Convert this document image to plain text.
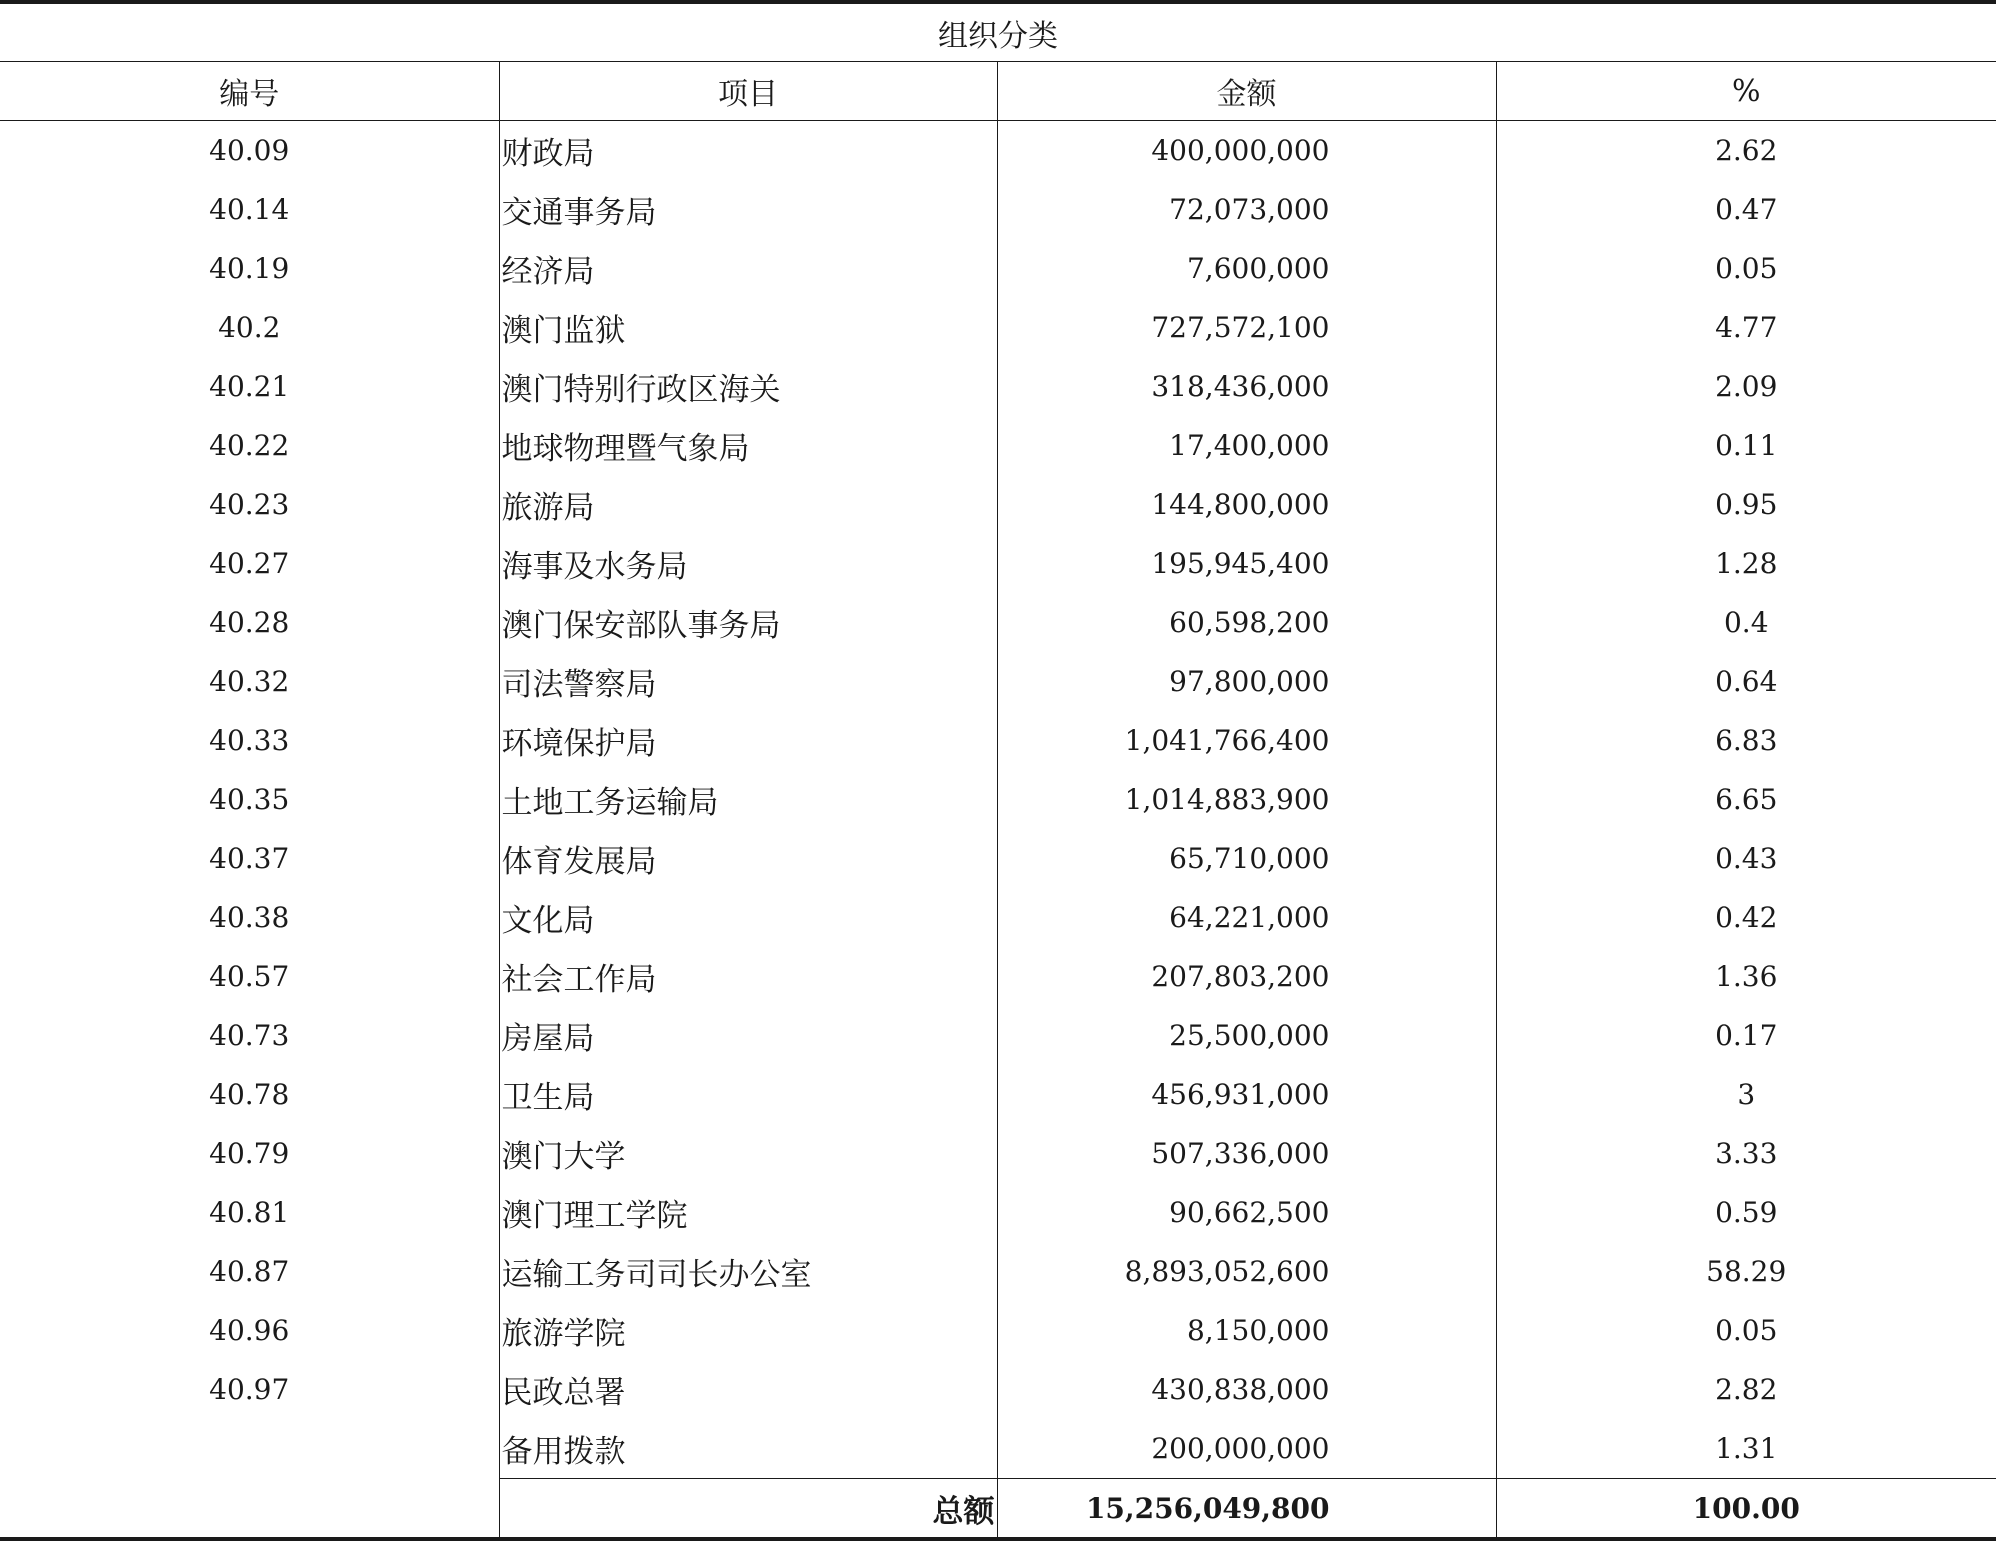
组织分类			
编号	项目	金额	%
40.09	财政局	400,000,000	2.62
40.14	交通事务局	72,073,000	0.47
40.19	经济局	7,600,000	0.05
40.2	澳门监狱	727,572,100	4.77
40.21	澳门特别行政区海关	318,436,000	2.09
40.22	地球物理暨气象局	17,400,000	0.11
40.23	旅游局	144,800,000	0.95
40.27	海事及水务局	195,945,400	1.28
40.28	澳门保安部队事务局	60,598,200	0.4
40.32	司法警察局	97,800,000	0.64
40.33	环境保护局	1,041,766,400	6.83
40.35	土地工务运输局	1,014,883,900	6.65
40.37	体育发展局	65,710,000	0.43
40.38	文化局	64,221,000	0.42
40.57	社会工作局	207,803,200	1.36
40.73	房屋局	25,500,000	0.17
40.78	卫生局	456,931,000	3
40.79	澳门大学	507,336,000	3.33
40.81	澳门理工学院	90,662,500	0.59
40.87	运输工务司司长办公室	8,893,052,600	58.29
40.96	旅游学院	8,150,000	0.05
40.97	民政总署	430,838,000	2.82
	备用拨款	200,000,000	1.31
	总额	15,256,049,800	100.00
